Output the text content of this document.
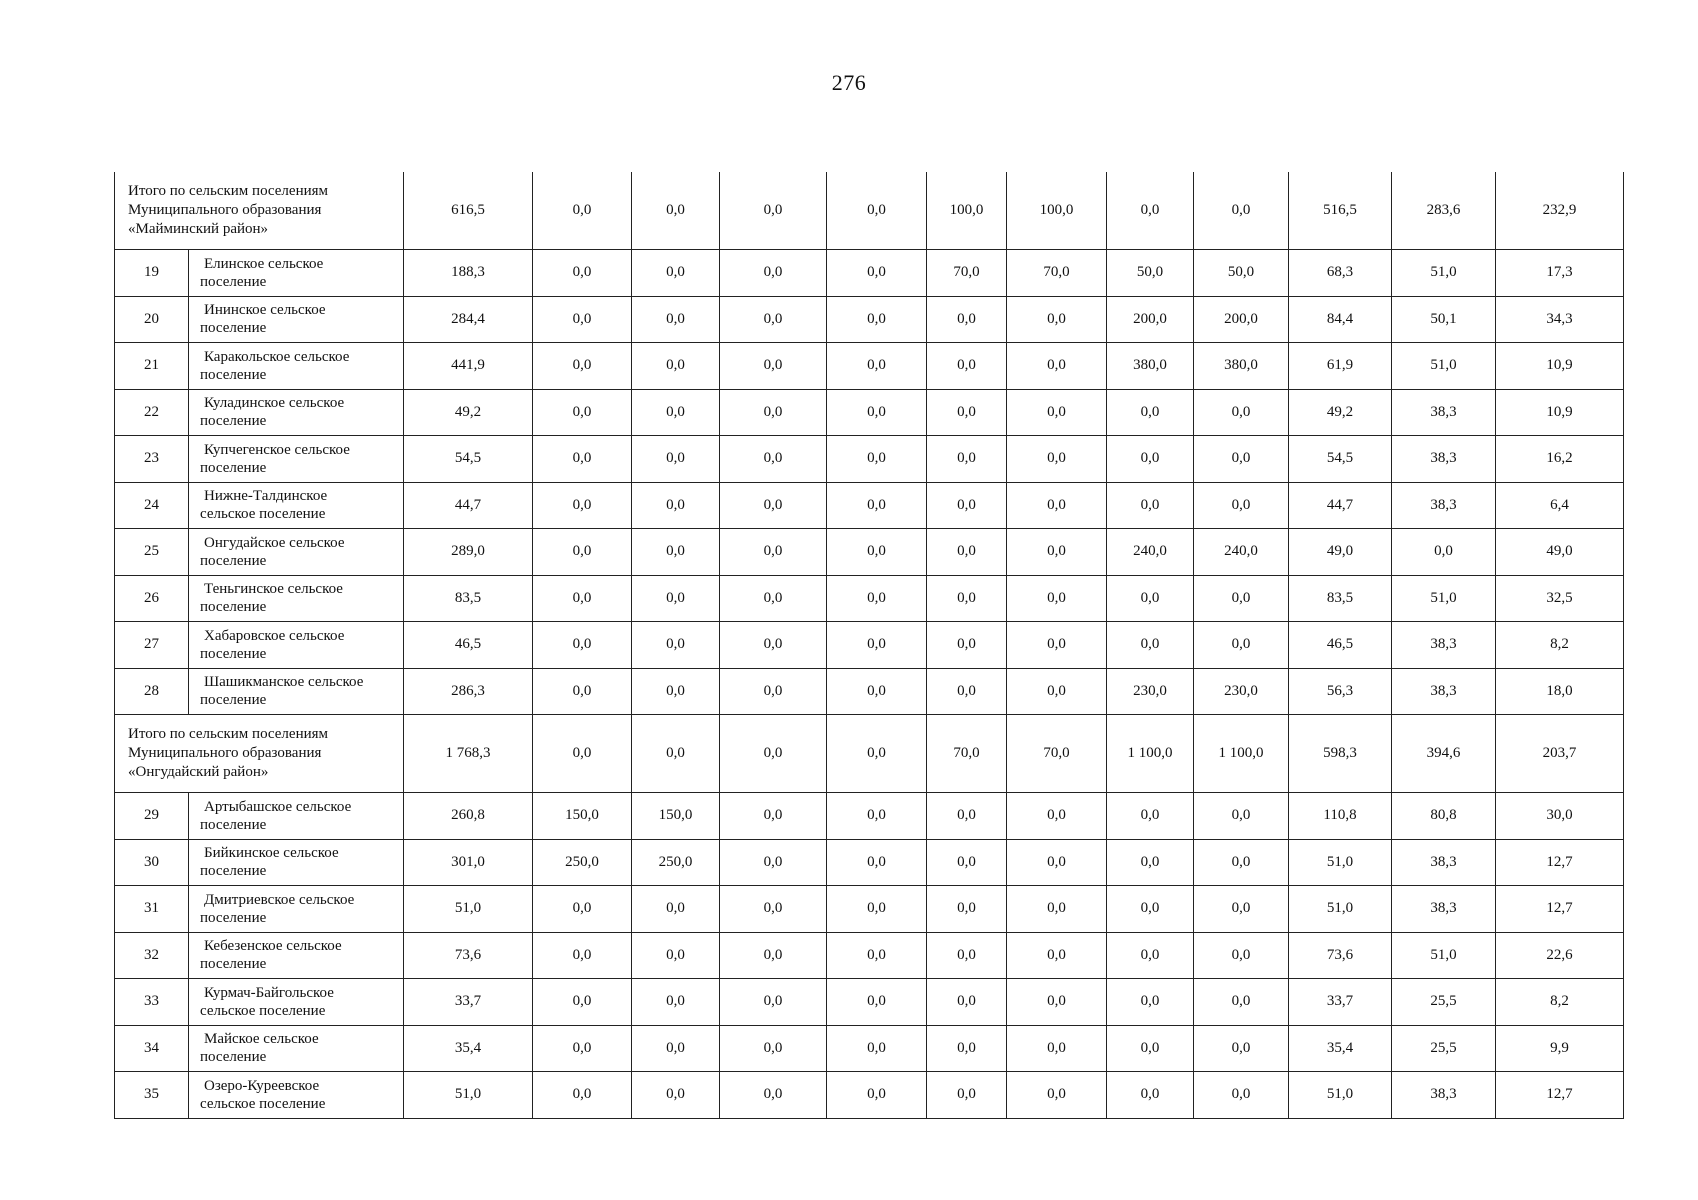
276
Итого по сельским поселениям
Муниципального образования
«Майминский район»		616,5	0,0	0,0	0,0	0,0	100,0	100,0	0,0	0,0	516,5	283,6	232,9
19	Елинское сельское
поселение	188,3	0,0	0,0	0,0	0,0	70,0	70,0	50,0	50,0	68,3	51,0	17,3
20	Ининское сельское
поселение	284,4	0,0	0,0	0,0	0,0	0,0	0,0	200,0	200,0	84,4	50,1	34,3
21	Каракольское сельское
поселение	441,9	0,0	0,0	0,0	0,0	0,0	0,0	380,0	380,0	61,9	51,0	10,9
22	Куладинское сельское
поселение	49,2	0,0	0,0	0,0	0,0	0,0	0,0	0,0	0,0	49,2	38,3	10,9
23	Купчегенское сельское
поселение	54,5	0,0	0,0	0,0	0,0	0,0	0,0	0,0	0,0	54,5	38,3	16,2
24	Нижне-Талдинское
сельское поселение	44,7	0,0	0,0	0,0	0,0	0,0	0,0	0,0	0,0	44,7	38,3	6,4
25	Онгудайское сельское
поселение	289,0	0,0	0,0	0,0	0,0	0,0	0,0	240,0	240,0	49,0	0,0	49,0
26	Теньгинское сельское
поселение	83,5	0,0	0,0	0,0	0,0	0,0	0,0	0,0	0,0	83,5	51,0	32,5
27	Хабаровское сельское
поселение	46,5	0,0	0,0	0,0	0,0	0,0	0,0	0,0	0,0	46,5	38,3	8,2
28	Шашикманское сельское
поселение	286,3	0,0	0,0	0,0	0,0	0,0	0,0	230,0	230,0	56,3	38,3	18,0

Итого по сельским поселениям
Муниципального образования
«Онгудайский район»		1 768,3	0,0	0,0	0,0	0,0	70,0	70,0	1 100,0	1 100,0	598,3	394,6	203,7
29	Артыбашское сельское
поселение	260,8	150,0	150,0	0,0	0,0	0,0	0,0	0,0	0,0	110,8	80,8	30,0
30	Бийкинское сельское
поселение	301,0	250,0	250,0	0,0	0,0	0,0	0,0	0,0	0,0	51,0	38,3	12,7
31	Дмитриевское сельское
поселение	51,0	0,0	0,0	0,0	0,0	0,0	0,0	0,0	0,0	51,0	38,3	12,7
32	Кебезенское сельское
поселение	73,6	0,0	0,0	0,0	0,0	0,0	0,0	0,0	0,0	73,6	51,0	22,6
33	Курмач-Байгольское
сельское поселение	33,7	0,0	0,0	0,0	0,0	0,0	0,0	0,0	0,0	33,7	25,5	8,2
34	Майское сельское
поселение	35,4	0,0	0,0	0,0	0,0	0,0	0,0	0,0	0,0	35,4	25,5	9,9
35	Озеро-Куреевское
сельское поселение	51,0	0,0	0,0	0,0	0,0	0,0	0,0	0,0	0,0	51,0	38,3	12,7
